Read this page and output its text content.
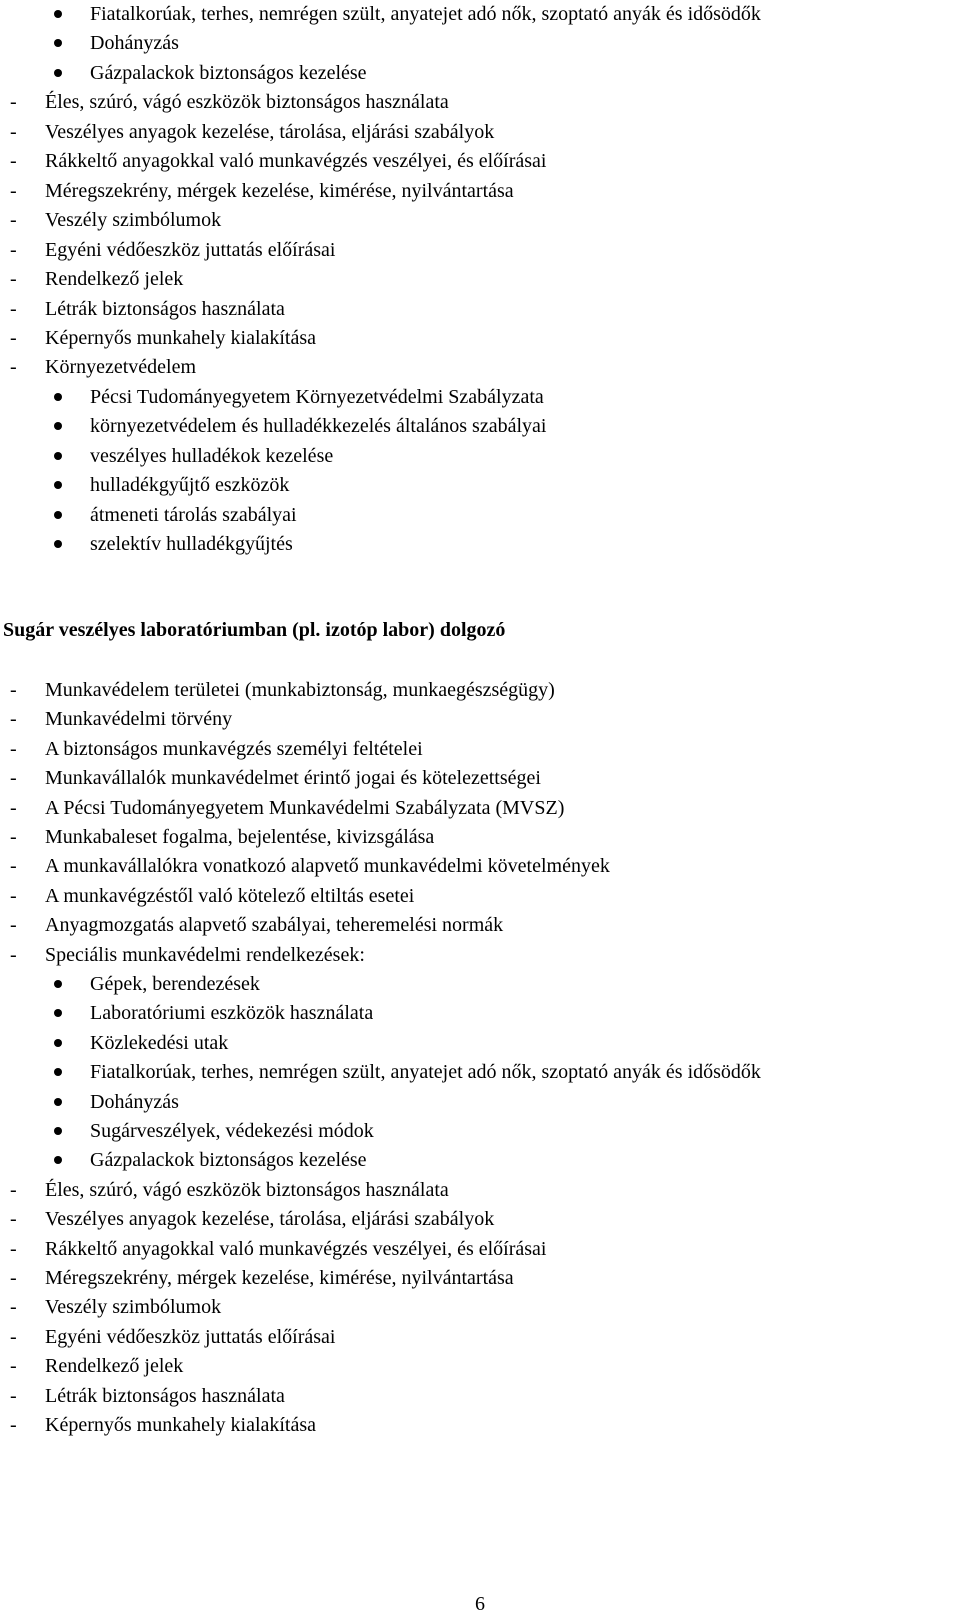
Fiatalkorúak, terhes, nemrégen szült, anyatejet adó nők, szoptató anyák és idősödők
Dohányzás
Gázpalackok biztonságos kezelése
- Éles, szúró, vágó eszközök biztonságos használata
- Veszélyes anyagok kezelése, tárolása, eljárási szabályok
- Rákkeltő anyagokkal való munkavégzés veszélyei, és előírásai
- Méregszekrény, mérgek kezelése, kimérése, nyilvántartása
- Veszély szimbólumok
- Egyéni védőeszköz juttatás előírásai
- Rendelkező jelek
- Létrák biztonságos használata
- Képernyős munkahely kialakítása
- Környezetvédelem
Pécsi Tudományegyetem Környezetvédelmi Szabályzata
környezetvédelem és hulladékkezelés általános szabályai
veszélyes hulladékok kezelése
hulladékgyűjtő eszközök
átmeneti tárolás szabályai
szelektív hulladékgyűjtés
Sugár veszélyes laboratóriumban (pl. izotóp labor) dolgozó
- Munkavédelem területei (munkabiztonság, munkaegészségügy)
- Munkavédelmi törvény
- A biztonságos munkavégzés személyi feltételei
- Munkavállalók munkavédelmet érintő jogai és kötelezettségei
- A Pécsi Tudományegyetem Munkavédelmi Szabályzata (MVSZ)
- Munkabaleset fogalma, bejelentése, kivizsgálása
- A munkavállalókra vonatkozó alapvető munkavédelmi követelmények
- A munkavégzéstől való kötelező eltiltás esetei
- Anyagmozgatás alapvető szabályai, teheremelési normák
- Speciális munkavédelmi rendelkezések:
Gépek, berendezések
Laboratóriumi eszközök használata
Közlekedési utak
Fiatalkorúak, terhes, nemrégen szült, anyatejet adó nők, szoptató anyák és idősödők
Dohányzás
Sugárveszélyek, védekezési módok
Gázpalackok biztonságos kezelése
- Éles, szúró, vágó eszközök biztonságos használata
- Veszélyes anyagok kezelése, tárolása, eljárási szabályok
- Rákkeltő anyagokkal való munkavégzés veszélyei, és előírásai
- Méregszekrény, mérgek kezelése, kimérése, nyilvántartása
- Veszély szimbólumok
- Egyéni védőeszköz juttatás előírásai
- Rendelkező jelek
- Létrák biztonságos használata
- Képernyős munkahely kialakítása
6
